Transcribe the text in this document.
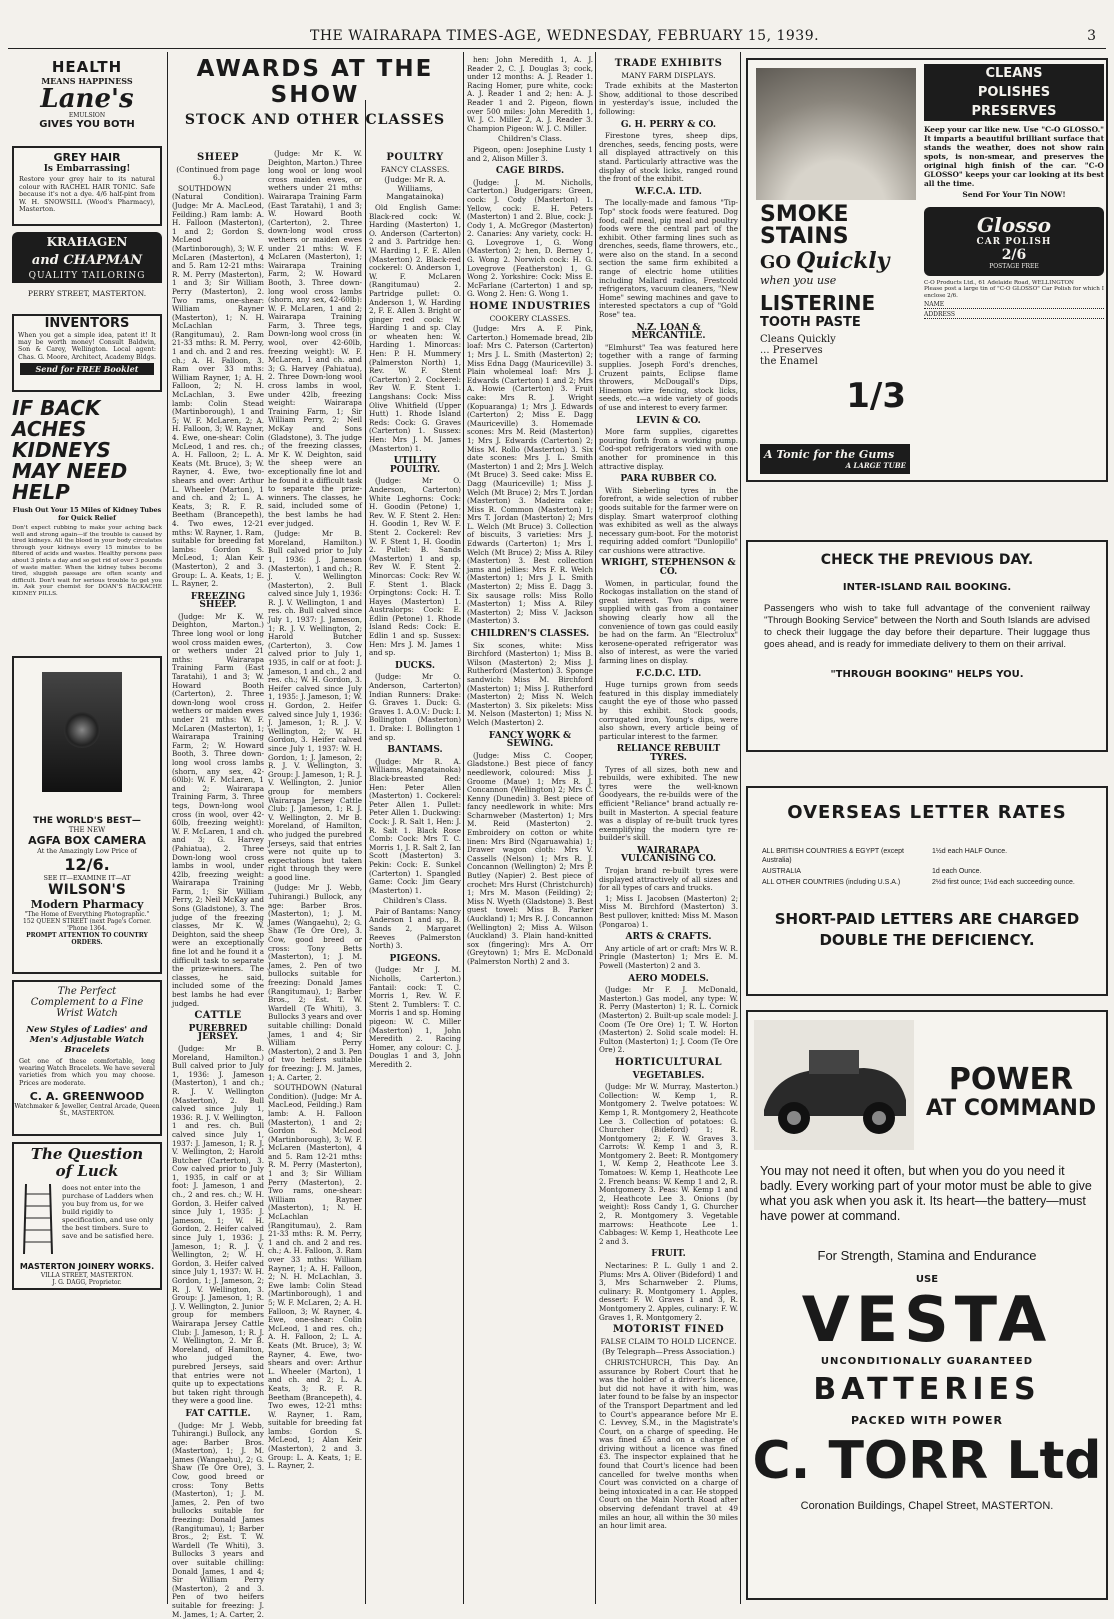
THE WAIRARAPA TIMES-AGE, WEDNESDAY, FEBRUARY 15, 1939.	3
HEALTH
MEANS HAPPINESS
Lane's
EMULSION
GIVES YOU BOTH
GREY HAIR
Is Embarrassing!
Restore your grey hair to its natural colour with RACHEL HAIR TONIC. Safe because it's not a dye. 4/6 half-pint from W. H. SNOWSILL (Wood's Pharmacy), Masterton.
KRAHAGEN
and CHAPMAN
QUALITY TAILORING
PERRY STREET, MASTERTON.
INVENTORS
When you get a simple idea, patent it! It may be worth money! Consult Baldwin, Son & Carey, Wellington. Local agent: Chas. G. Moore, Architect, Academy Bldgs.
Send for FREE Booklet
IF BACK ACHES KIDNEYS MAY NEED HELP
Flush Out Your 15 Miles of Kidney Tubes for Quick Relief
Don't expect rubbing to make your aching back well and strong again—if the trouble is caused by tired kidneys. All the blood in your body circulates through your kidneys every 15 minutes to be filtered of acids and wastes. Healthy persons pass about 3 pints a day and so get rid of over 3 pounds of waste matter. When the kidney tubes become tired, sluggish passage are often scanty and difficult. Don't wait for serious trouble to get you in. Ask your chemist for DOAN'S BACKACHE KIDNEY PILLS.
THE WORLD'S BEST—
THE NEW
AGFA BOX CAMERA
At the Amazingly Low Price of
12/6.
SEE IT—EXAMINE IT—AT
WILSON'S
Modern Pharmacy
"The Home of Everything Photographic."
152 QUEEN STREET (next Page's Corner. 'Phone 1364.
PROMPT ATTENTION TO COUNTRY ORDERS.
The Perfect Complement to a Fine Wrist Watch
New Styles of Ladies' and Men's Adjustable Watch Bracelets
Get one of these comfortable, long wearing Watch Bracelets. We have several varieties from which you may choose. Prices are moderate.
C. A. GREENWOOD
Watchmaker & Jeweller, Central Arcade, Queen St., MASTERTON.
The Question of Luck
does not enter into the purchase of Ladders when you buy from us, for we build rigidly to specification, and use only the best timbers. Sure to save and be satisfied here.
MASTERTON JOINERY WORKS.
VILLA STREET, MASTERTON.
J. G. DAGG, Proprietor.
AWARDS AT THE SHOW
STOCK AND OTHER CLASSES
SHEEP
(Continued from page 6.)

SOUTHDOWN (Natural Condition). (Judge: Mr A. MacLeod, Feilding.) Ram lamb: A. H. Falloon (Masterton), 1 and 2; Gordon S. McLeod (Martinborough), 3; W. F. McLaren (Masterton), 4 and 5. Ram 12-21 mths: R. M. Perry (Masterton), 1 and 3; Sir William Perry (Masterton), 2. Two rams, one-shear: William Rayner (Masterton), 1; N. H. McLachlan (Rangitumau), 2. Ram 21-33 mths: R. M. Perry, 1 and ch. and 2 and res. ch.; A. H. Falloon, 3. Ram over 33 mths: William Rayner, 1; A. H. Falloon, 2; N. H. McLachlan, 3. Ewe lamb: Colin Stead (Martinborough), 1 and 5; W. F. McLaren, 2; A. H. Falloon, 3; W. Rayner, 4. Ewe, one-shear: Colin McLeod, 1 and res. ch.; A. H. Falloon, 2; L. A. Keats (Mt. Bruce), 3; W. Rayner, 4. Ewe, two-shears and over: Arthur L. Wheeler (Marton), 1 and ch. and 2; L. A. Keats, 3; R. F. R. Beetham (Brancepeth), 4. Two ewes, 12-21 mths: W. Rayner, 1. Ram, suitable for breeding fat lambs: Gordon S. McLeod, 1; Alan Keir (Masterton), 2 and 3. Group: L. A. Keats, 1; E. L. Rayner, 2.

FREEZING SHEEP.

(Judge: Mr K. W. Deighton, Marton.) Three long wool or long wool cross maiden ewes, or wethers under 21 mths: Wairarapa Training Farm (East Taratahi), 1 and 3; W. Howard Booth (Carterton), 2. Three down-long wool cross wethers or maiden ewes under 21 mths: W. F. McLaren (Masterton), 1; Wairarapa Training Farm, 2; W. Howard Booth, 3. Three down-long wool cross lambs (shorn, any sex, 42-60lb): W. F. McLaren, 1 and 2; Wairarapa Training Farm, 3. Three tegs, Down-long wool cross (in wool, over 42-60lb, freezing weight): W. F. McLaren, 1 and ch. and 3; G. Harvey (Pahiatua), 2. Three Down-long wool cross lambs in wool, under 42lb, freezing weight: Wairarapa Training Farm, 1; Sir William Perry, 2; Neil McKay and Sons (Gladstone), 3. The judge of the freezing classes, Mr K. W. Deighton, said the sheep were an exceptionally fine lot and he found it a difficult task to separate the prize-winners. The classes, he said, included some of the best lambs he had ever judged.

CATTLE
PUREBRED JERSEY.

(Judge: Mr B. Moreland, Hamilton.) Bull calved prior to July 1, 1936: J. Jameson (Masterton), 1 and ch.; R. J. V. Wellington (Masterton), 2. Bull calved since July 1, 1936: R. J. V. Wellington, 1 and res. ch. Bull calved since July 1, 1937: J. Jameson, 1; R. J. V. Wellington, 2; Harold Butcher (Carterton), 3. Cow calved prior to July 1, 1935, in calf or at foot: J. Jameson, 1 and ch., 2 and res. ch.; W. H. Gordon, 3. Heifer calved since July 1, 1935: J. Jameson, 1; W. H. Gordon, 2. Heifer calved since July 1, 1936: J. Jameson, 1; R. J. V. Wellington, 2; W. H. Gordon, 3. Heifer calved since July 1, 1937: W. H. Gordon, 1; J. Jameson, 2; R. J. V. Wellington, 3. Group: J. Jameson, 1; R. J. V. Wellington, 2. Junior group for members Wairarapa Jersey Cattle Club: J. Jameson, 1; R. J. V. Wellington, 2. Mr B. Moreland, of Hamilton, who judged the purebred Jerseys, said that entries were not quite up to expectations but taken right through they were a good line.

FAT CATTLE.

(Judge: Mr J. Webb, Tuhirangi.) Bullock, any age: Barber Bros. (Masterton), 1; J. M. James (Wangaehu), 2; G. Shaw (Te Ore Ore), 3. Cow, good breed or cross: Tony Betts (Masterton), 1; J. M. James, 2. Pen of two bullocks suitable for freezing: Donald James (Rangitumau), 1; Barber Bros., 2; Est. T. W. Wardell (Te Whiti), 3. Bullocks 3 years and over suitable chilling: Donald James, 1 and 4; Sir William Perry (Masterton), 2 and 3. Pen of two heifers suitable for freezing: J. M. James, 1; A. Carter, 2.

(Judge: Mr K. W. Deighton, Marton.) Three long wool or long wool cross maiden ewes, or wethers under 21 mths: Wairarapa Training Farm (East Taratahi), 1 and 3; W. Howard Booth (Carterton), 2. Three down-long wool cross wethers or maiden ewes under 21 mths: W. F. McLaren (Masterton), 1; Wairarapa Training Farm, 2; W. Howard Booth, 3. Three down-long wool cross lambs (shorn, any sex, 42-60lb): W. F. McLaren, 1 and 2; Wairarapa Training Farm, 3. Three tegs, Down-long wool cross (in wool, over 42-60lb, freezing weight): W. F. McLaren, 1 and ch. and 3; G. Harvey (Pahiatua), 2. Three Down-long wool cross lambs in wool, under 42lb, freezing weight: Wairarapa Training Farm, 1; Sir William Perry, 2; Neil McKay and Sons (Gladstone), 3. The judge of the freezing classes, Mr K. W. Deighton, said the sheep were an exceptionally fine lot and he found it a difficult task to separate the prize-winners. The classes, he said, included some of the best lambs he had ever judged.

(Judge: Mr B. Moreland, Hamilton.) Bull calved prior to July 1, 1936: J. Jameson (Masterton), 1 and ch.; R. J. V. Wellington (Masterton), 2. Bull calved since July 1, 1936: R. J. V. Wellington, 1 and res. ch. Bull calved since July 1, 1937: J. Jameson, 1; R. J. V. Wellington, 2; Harold Butcher (Carterton), 3. Cow calved prior to July 1, 1935, in calf or at foot: J. Jameson, 1 and ch., 2 and res. ch.; W. H. Gordon, 3. Heifer calved since July 1, 1935: J. Jameson, 1; W. H. Gordon, 2. Heifer calved since July 1, 1936: J. Jameson, 1; R. J. V. Wellington, 2; W. H. Gordon, 3. Heifer calved since July 1, 1937: W. H. Gordon, 1; J. Jameson, 2; R. J. V. Wellington, 3. Group: J. Jameson, 1; R. J. V. Wellington, 2. Junior group for members Wairarapa Jersey Cattle Club: J. Jameson, 1; R. J. V. Wellington, 2. Mr B. Moreland, of Hamilton, who judged the purebred Jerseys, said that entries were not quite up to expectations but taken right through they were a good line.

(Judge: Mr J. Webb, Tuhirangi.) Bullock, any age: Barber Bros. (Masterton), 1; J. M. James (Wangaehu), 2; G. Shaw (Te Ore Ore), 3. Cow, good breed or cross: Tony Betts (Masterton), 1; J. M. James, 2. Pen of two bullocks suitable for freezing: Donald James (Rangitumau), 1; Barber Bros., 2; Est. T. W. Wardell (Te Whiti), 3. Bullocks 3 years and over suitable chilling: Donald James, 1 and 4; Sir William Perry (Masterton), 2 and 3. Pen of two heifers suitable for freezing: J. M. James, 1; A. Carter, 2.

SOUTHDOWN (Natural Condition). (Judge: Mr A. MacLeod, Feilding.) Ram lamb: A. H. Falloon (Masterton), 1 and 2; Gordon S. McLeod (Martinborough), 3; W. F. McLaren (Masterton), 4 and 5. Ram 12-21 mths: R. M. Perry (Masterton), 1 and 3; Sir William Perry (Masterton), 2. Two rams, one-shear: William Rayner (Masterton), 1; N. H. McLachlan (Rangitumau), 2. Ram 21-33 mths: R. M. Perry, 1 and ch. and 2 and res. ch.; A. H. Falloon, 3. Ram over 33 mths: William Rayner, 1; A. H. Falloon, 2; N. H. McLachlan, 3. Ewe lamb: Colin Stead (Martinborough), 1 and 5; W. F. McLaren, 2; A. H. Falloon, 3; W. Rayner, 4. Ewe, one-shear: Colin McLeod, 1 and res. ch.; A. H. Falloon, 2; L. A. Keats (Mt. Bruce), 3; W. Rayner, 4. Ewe, two-shears and over: Arthur L. Wheeler (Marton), 1 and ch. and 2; L. A. Keats, 3; R. F. R. Beetham (Brancepeth), 4. Two ewes, 12-21 mths: W. Rayner, 1. Ram, suitable for breeding fat lambs: Gordon S. McLeod, 1; Alan Keir (Masterton), 2 and 3. Group: L. A. Keats, 1; E. L. Rayner, 2.

POULTRY
FANCY CLASSES.
(Judge: Mr R. A. Williams, Mangatainoka)

Old English Game: Black-red cock: W. Harding (Masterton) 1, O. Anderson (Carterton) 2 and 3. Partridge hen: W. Harding 1, F. E. Allen (Masterton) 2. Black-red cockerel: O. Anderson 1, W. F. McLaren (Rangitumau) 2. Partridge pullet: O. Anderson 1, W. Harding 2, F. E. Allen 3. Bright or ginger red cock: W. Harding 1 and sp. Clay or wheaten hen: W. Harding 1. Minorcas: Hen: P. H. Mummery (Palmerston North) 1, Rev. W. F. Stent (Carterton) 2. Cockerel: Rev W. F. Stent 1. Langshans: Cock: Miss Olive Whitfield (Upper Hutt) 1. Rhode Island Reds: Cock: G. Graves (Carterton) 1. Sussex: Hen: Mrs J. M. James (Masterton) 1.

UTILITY POULTRY.

(Judge: Mr O. Anderson, Carterton) White Leghorns: Cock: H. Goodin (Petone) 1, Rev. W. F. Stent 2. Hen: H. Goodin 1, Rev W. F. Stent 2. Cockerel: Rev W. F. Stent 1, H. Goodin 2. Pullet: B. Sands (Masterton) 1 and sp, Rev W. F. Stent 2. Minorcas: Cock: Rev W. F. Stent 1. Black Orpingtons: Cock: H. T. Hayes (Masterton) 1. Australorps: Cock: E. Edlin (Petone) 1. Rhode Island Reds: Cock: E. Edlin 1 and sp. Sussex: Hen: Mrs J. M. James 1 and sp.

DUCKS.

(Judge: Mr O. Anderson, Carterton) Indian Runners: Drake: G. Graves 1. Duck: G. Graves 1. A.O.V.: Duck: I. Bollington (Masterton) 1. Drake: I. Bollington 1 and sp.

BANTAMS.

(Judge: Mr R. A. Williams, Mangatainoka) Black-breasted Red: Hen: Peter Allen (Masterton) 1. Cockerel: Peter Allen 1. Pullet: Peter Allen 1. Duckwing: Cock: J. R. Salt 1, Hen: J. R. Salt 1. Black Rose Comb: Cock: Mrs T. C. Morris 1, J. R. Salt 2, Ian Scott (Masterton) 3. Pekin: Cock: E. Sunkel (Carterton) 1. Spangled Game: Cock: Jim Geary (Masterton) 1.

Children's Class.

Pair of Bantams: Nancy Anderson 1 and sp., B. Sands 2, Margaret Reeves (Palmerston North) 3.

PIGEONS.

(Judge: Mr J. M. Nicholls, Carterton.) Fantail: cock: T. C. Morris 1, Rev. W. F. Stent 2. Tumblers: T. C. Morris 1 and sp. Homing pigeon: W. C. Miller (Masterton) 1, John Meredith 2. Racing Homer, any colour: C. J. Douglas 1 and 3, John Meredith 2.

hen: John Meredith 1, A. J. Reader 2, C. J. Douglas 3; cock, under 12 months: A. J. Reader 1. Racing Homer, pure white, cock: A. J. Reader 1 and 2; hen: A. J. Reader 1 and 2. Pigeon, flown over 500 miles: John Meredith 1, W. J. C. Miller 2, A. J. Reader 3. Champion Pigeon: W. J. C. Miller.

Children's Class.

Pigeon, open: Josephine Lusty 1 and 2, Alison Miller 3.

CAGE BIRDS.

(Judge: J. M. Nicholls, Carterton.) Budgerigars: Green, cock: J. Cody (Masterton) 1. Yellow, cock: E. H. Peters (Masterton) 1 and 2. Blue, cock: J. Cody 1, A. McGregor (Masterton) 2. Canaries: Any variety, cock: H. G. Lovegrove 1, G. Wong (Masterton) 2; hen, D. Berney 1, G. Wong 2. Norwich cock: H. G. Lovegrove (Featherston) 1, G. Wong 2. Yorkshire: Cock: Miss E. McFarlane (Carterton) 1 and sp, G. Wong 2. Hen: G. Wong 1.

HOME INDUSTRIES
COOKERY CLASSES.

(Judge: Mrs A. F. Pink, Carterton.) Homemade bread, 2lb loaf: Mrs C. Paterson (Carterton) 1; Mrs J. L. Smith (Masterton) 2; Miss Edna Dagg (Mauriceville) 3. Plain wholemeal loaf: Mrs J. Edwards (Carterton) 1 and 2; Mrs A. Howie (Carterton) 3. Fruit cake: Mrs R. J. Wright (Kopuaranga) 1; Mrs J. Edwards (Carterton) 2; Miss E. Dagg (Mauriceville) 3. Homemade scones: Mrs M. Reid (Masterton) 1; Mrs J. Edwards (Carterton) 2; Miss M. Rollo (Masterton) 3. Six date scones: Mrs J. L. Smith (Masterton) 1 and 2; Mrs J. Welch (Mt Bruce) 3. Seed cake: Miss E. Dagg (Mauriceville) 1; Miss J. Welch (Mt Bruce) 2; Mrs T. Jordan (Masterton) 3. Madeira cake: Miss R. Common (Masterton) 1; Mrs T. Jordan (Masterton) 2; Mrs L. Welch (Mt Bruce) 3. Collection of biscuits, 3 varieties: Mrs J. Edwards (Carterton) 1; Mrs I. Welch (Mt Bruce) 2; Miss A. Riley (Masterton) 3. Best collection jams and jellies: Mrs F. R. Welch (Masterton) 1; Mrs J. L. Smith (Masterton) 2; Miss E. Dagg 3. Six sausage rolls: Miss Rollo (Masterton) 1; Miss A. Riley (Masterton) 2; Miss V. Jackson (Masterton) 3.

CHILDREN'S CLASSES.

Six scones, white: Miss Birchford (Masterton) 1; Miss B. Wilson (Masterton) 2; Miss J. Rutherford (Masterton) 3. Sponge sandwich: Miss M. Birchford (Masterton) 1; Miss J. Rutherford (Masterton) 2; Miss N. Welch (Masterton) 3. Six pikelets: Miss M. Nelson (Masterton) 1; Miss N. Welch (Masterton) 2.

FANCY WORK & SEWING.

(Judge: Miss C. Cooper, Gladstone.) Best piece of fancy needlework, coloured: Miss J. Groome (Maue) 1; Mrs R. J. Concannon (Wellington) 2; Mrs C. Kenny (Dunedin) 3. Best piece of fancy needlework in white: Mrs Scharnweber (Masterton) 1; Mrs M. Reid (Masterton) 2. Embroidery on cotton or white linen: Mrs Bird (Ngaruawahia) 1; Drawer wagon cloth: Mrs V. Cassells (Nelson) 1; Mrs R. J. Concannon (Wellington) 2; Mrs P. Butley (Napier) 2. Best piece of crochet: Mrs Hurst (Christchurch) 1; Mrs M. Mason (Feilding) 2; Miss N. Wyeth (Gladstone) 3. Best guest towel: Miss B. Parker (Auckland) 1; Mrs R. J. Concannon (Wellington) 2; Miss A. Wilson (Auckland) 3. Plain hand-knitted sox (fingering): Mrs A. Orr (Greytown) 1; Mrs E. McDonald (Palmerston North) 2 and 3.

TRADE EXHIBITS
MANY FARM DISPLAYS.

Trade exhibits at the Masterton Show, additional to those described in yesterday's issue, included the following:

G. H. PERRY & CO.

Firestone tyres, sheep dips, drenches, seeds, fencing posts, were all displayed attractively on this stand. Particularly attractive was the display of stock licks, ranged round the front of the exhibit.

W.F.C.A. LTD.

The locally-made and famous "Tip-Top" stock foods were featured. Dog food, calf meal, pig meal and poultry foods were the central part of the exhibit. Other farming lines such as drenches, seeds, flame throwers, etc., were also on the stand. In a second section the same firm exhibited a range of electric home utilities including Mallard radios, Frestcold refrigerators, vacuum cleaners, "New Home" sewing machines and gave to interested spectators a cup of "Gold Rose" tea.

N.Z. LOAN & MERCANTILE.

"Elmhurst" Tea was featured here together with a range of farming supplies. Joseph Ford's drenches, Cruzent paints, Eclipse flame throwers, McDougall's Dips, Hinemon wire fencing, stock licks, seeds, etc.—a wide variety of goods of use and interest to every farmer.

LEVIN & CO.

More farm supplies, cigarettes pouring forth from a working pump. Cod-spot refrigerators vied with one another for prominence in this attractive display.

PARA RUBBER CO.

With Sieberling tyres in the forefront, a wide selection of rubber goods suitable for the farmer were on display. Smart waterproof clothing was exhibited as well as the always necessary gum-boot. For the motorist requiring added comfort "Dunlopillo" car cushions were attractive.

WRIGHT, STEPHENSON & CO.

Women, in particular, found the Rockogas installation on the stand of great interest. Two rings were supplied with gas from a container showing clearly how all the convenience of town gas could easily be had on the farm. An "Electrolux" kerosene-operated refrigerator was also of interest, as were the varied farming lines on display.

F.C.D.C. LTD.

Huge turnips grown from seeds featured in this display immediately caught the eye of those who passed by this exhibit. Stock goods, corrugated iron, Young's dips, were also shown, every article being of particular interest to the farmer.

RELIANCE REBUILT TYRES.

Tyres of all sizes, both new and rebuilds, were exhibited. The new tyres were the well-known Goodyears, the re-builds were of the efficient "Reliance" brand actually re-built in Masterton. A special feature was a display of re-built truck tyres exemplifying the modern tyre re-builder's skill.

WAIRARAPA VULCANISING CO.

Trojan brand re-built tyres were displayed attractively of all sizes and for all types of cars and trucks.

1; Miss I. Jacobsen (Masterton) 2; Miss M. Birchford (Masterton) 3. Best pullover, knitted: Miss M. Mason (Pongaroa) 1.

ARTS & CRAFTS.

Any article of art or craft: Mrs W. R. Pringle (Masterton) 1; Mrs E. M. Powell (Masterton) 2 and 3.

AERO MODELS.

(Judge: Mr F. J. McDonald, Masterton.) Gas model, any type: W. R. Perry (Masterton) 1; R. L. Cornick (Masterton) 2. Built-up scale model: J. Coom (Te Ore Ore) 1; T. W. Horton (Masterton) 2. Solid scale model: H. Fulton (Masterton) 1; J. Coom (Te Ore Ore) 2.

HORTICULTURAL
VEGETABLES.

(Judge: Mr W. Murray, Masterton.) Collection: W. Kemp 1, R. Montgomery 2. Twelve potatoes: W. Kemp 1, R. Montgomery 2, Heathcote Lee 3. Collection of potatoes: G. Churcher (Bideford) 1; R. Montgomery 2; F. W. Graves 3. Carrots: W. Kemp 1 and 3, R. Montgomery 2. Beet: R. Montgomery 1, W. Kemp 2, Heathcote Lee 3. Tomatoes: W. Kemp 1, Heathcote Lee 2. French beans: W. Kemp 1 and 2, R. Montgomery 3. Peas: W. Kemp 1 and 2, Heathcote Lee 3. Onions (by weight): Ross Candy 1, G. Churcher 2, R. Montgomery 3. Vegetable marrows: Heathcote Lee 1. Cabbages: W. Kemp 1, Heathcote Lee 2 and 3.

FRUIT.

Nectarines: P. L. Gully 1 and 2. Plums: Mrs A. Oliver (Bideford) 1 and 3, Mrs Scharnweber 2. Plums, culinary: R. Montgomery 1. Apples, dessert: F. W. Graves 1 and 3, R. Montgomery 2. Apples, culinary: F. W. Graves 1, R. Montgomery 2.

MOTORIST FINED
FALSE CLAIM TO HOLD LICENCE.
(By Telegraph—Press Association.)

CHRISTCHURCH, This Day. An assurance by Robert Court that he was the holder of a driver's licence, but did not have it with him, was later found to be false by an inspector of the Transport Department and led to Court's appearance before Mr E. C. Levvey, S.M., in the Magistrate's Court, on a charge of speeding. He was fined £5 and on a charge of driving without a licence was fined £3. The inspector explained that he found that Court's licence had been cancelled for twelve months when Court was convicted on a charge of being intoxicated in a car. He stopped Court on the Main North Road after observing defendant travel at 49 miles an hour, all within the 30 miles an hour limit area.

CLEANS
POLISHES
PRESERVES
Keep your car like new. Use "C-O GLOSSO." It imparts a beautiful brilliant surface that stands the weather, does not show rain spots, is non-smear, and preserves the original high finish of the car. "C-O GLOSSO" keeps your car looking at its best all the time.
Send For Your Tin NOW!
Glosso
CAR POLISH
2/6
POSTAGE FREE
C-O Products Ltd., 61 Adelaide Road, WELLINGTON
Please post a large tin of "C-O GLOSSO" Car Polish for which I enclose 2/6.
NAME
ADDRESS
SMOKE
STAINS
GO Quickly
when you use
LISTERINE
TOOTH PASTE
Cleans Quickly
... Preserves
the Enamel
1/3
A Tonic for the Gums
A LARGE TUBE
CHECK THE PREVIOUS DAY.
INTER-ISLAND RAIL BOOKING.
Passengers who wish to take full advantage of the convenient railway "Through Booking Service" between the North and South Islands are advised to check their luggage the day before their departure. Their luggage thus goes ahead, and is ready for immediate delivery to them on their arrival.
"THROUGH BOOKING" HELPS YOU.
OVERSEAS LETTER RATES
ALL BRITISH COUNTRIES & EGYPT (except Australia)
1½d each HALF Ounce.
AUSTRALIA	1d each Ounce.
ALL OTHER COUNTRIES (including U.S.A.)	2½d first ounce; 1½d each succeeding ounce.
SHORT-PAID LETTERS ARE CHARGED DOUBLE THE DEFICIENCY.
POWER
AT COMMAND
You may not need it often, but when you do you need it badly. Every working part of your motor must be able to give what you ask when you ask it. Its heart—the battery—must have power at command.
For Strength, Stamina and Endurance
USE
VESTA
UNCONDITIONALLY GUARANTEED
BATTERIES
PACKED WITH POWER
C. TORR Ltd
Coronation Buildings, Chapel Street, MASTERTON.
